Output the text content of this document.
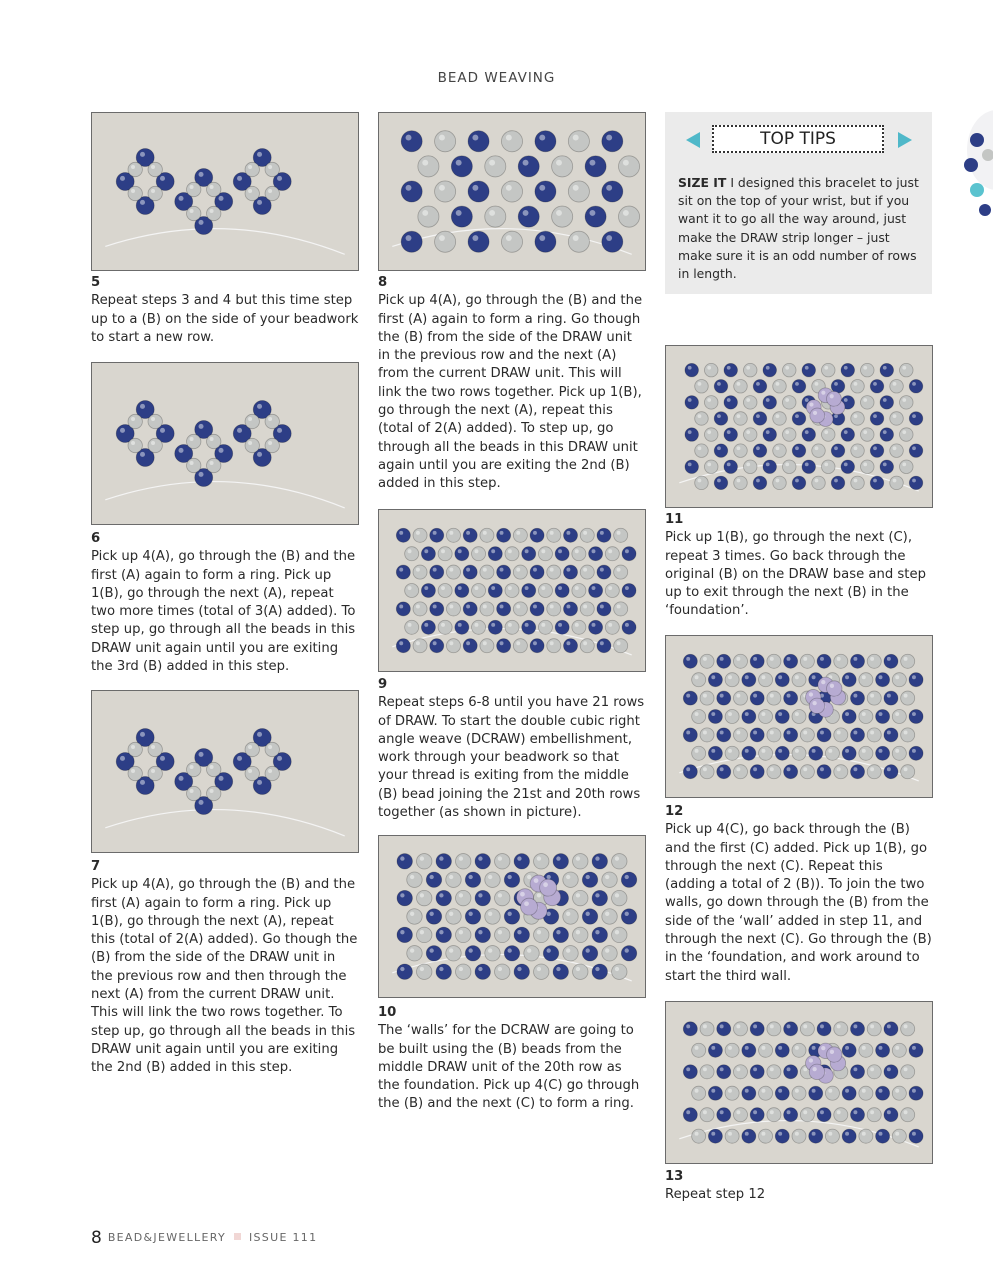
BEAD WEAVING
5
Repeat steps 3 and 4 but this time step up to a (B) on the side of your beadwork to start a new row.
6
Pick up 4(A), go through the (B) and the first (A) again to form a ring. Pick up 1(B), go through the next (A), repeat two more times (total of 3(A) added). To step up, go through all the beads in this DRAW unit again until you are exiting the 3rd (B) added in this step.
7
Pick up 4(A), go through the (B) and the first (A) again to form a ring. Pick up 1(B), go through the next (A), repeat this (total of 2(A) added). Go though the (B) from the side of the DRAW unit in the previous row and then through the next (A) from the current DRAW unit. This will link the two rows together. To step up, go through all the beads in this DRAW unit again until you are exiting the 2nd (B) added in this step.
8
Pick up 4(A), go through the (B) and the first (A) again to form a ring. Go though the (B) from the side of the DRAW unit in the previous row and the next (A) from the current DRAW unit. This will link the two rows together. Pick up 1(B), go through the next (A), repeat this (total of 2(A) added). To step up, go through all the beads in this DRAW unit again until you are exiting the 2nd (B) added in this step.
9
Repeat steps 6-8 until you have 21 rows of DRAW. To start the double cubic right angle weave (DCRAW) embellishment, work through your beadwork so that your thread is exiting from the middle (B) bead joining the 21st and 20th rows together (as shown in picture).
10
The ‘walls’ for the DCRAW are going to be built using the (B) beads from the middle DRAW unit of the 20th row as the foundation. Pick up 4(C) go through the (B) and the next (C) to form a ring.
11
Pick up 1(B), go through the next (C), repeat 3 times. Go back through the original (B) on the DRAW base and step up to exit through the next (B) in the ‘foundation’.
12
Pick up 4(C), go back through the (B) and the first (C) added. Pick up 1(B), go through the next (C). Repeat this (adding a total of 2 (B)). To join the two walls, go down through the (B) from the side of the ‘wall’ added in step 11, and through the next (C). Go through the (B) in the ‘foundation, and work around to start the third wall.
13
Repeat step 12
TOP TIPS
SIZE IT I designed this bracelet to just sit on the top of your wrist, but if you want it to go all the way around, just make the DRAW strip longer – just make sure it is an odd number of rows in length.
8 BEAD&JEWELLERY ISSUE 111
